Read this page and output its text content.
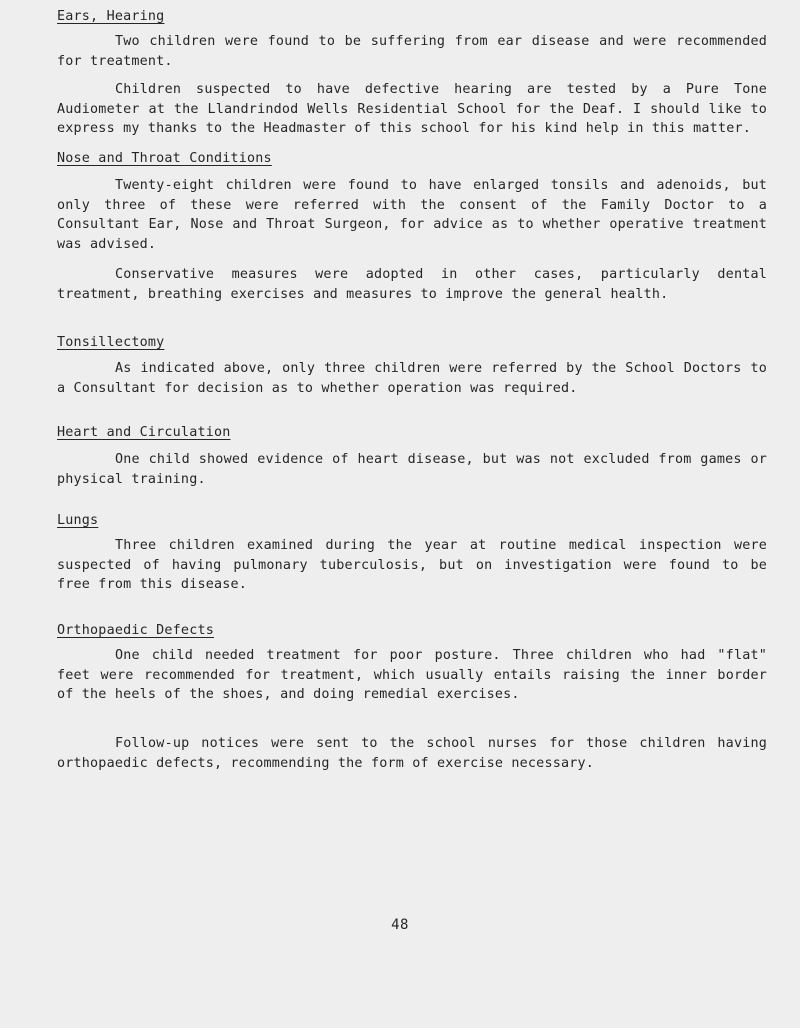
Ears, Hearing
Two children were found to be suffering from ear disease and were recommended for treatment.
Children suspected to have defective hearing are tested by a Pure Tone Audiometer at the Llandrindod Wells Residential School for the Deaf. I should like to express my thanks to the Headmaster of this school for his kind help in this matter.
Nose and Throat Conditions
Twenty-eight children were found to have enlarged tonsils and adenoids, but only three of these were referred with the consent of the Family Doctor to a Consultant Ear, Nose and Throat Surgeon, for advice as to whether operative treatment was advised.
Conservative measures were adopted in other cases, particularly dental treatment, breathing exercises and measures to improve the general health.
Tonsillectomy
As indicated above, only three children were referred by the School Doctors to a Consultant for decision as to whether operation was required.
Heart and Circulation
One child showed evidence of heart disease, but was not excluded from games or physical training.
Lungs
Three children examined during the year at routine medical inspection were suspected of having pulmonary tuberculosis, but on investigation were found to be free from this disease.
Orthopaedic Defects
One child needed treatment for poor posture. Three children who had "flat" feet were recommended for treatment, which usually entails raising the inner border of the heels of the shoes, and doing remedial exercises.
Follow-up notices were sent to the school nurses for those children having orthopaedic defects, recommending the form of exercise necessary.
48
